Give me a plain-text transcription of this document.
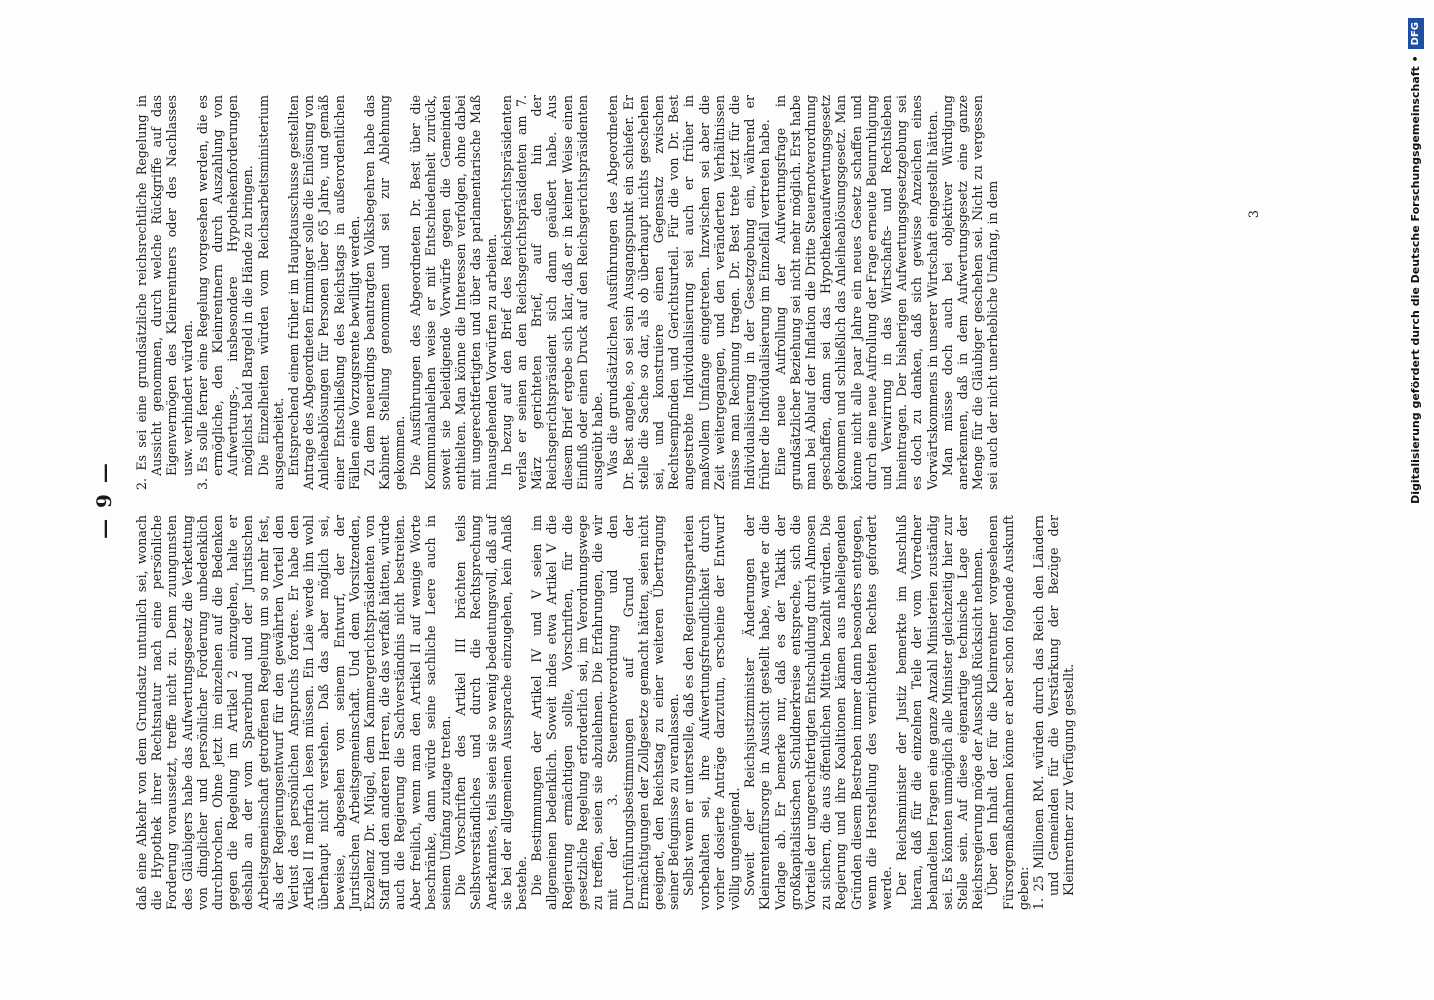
— 9 —

daß eine Abkehr von dem Grundsatz untunlich sei, wonach die Hypothek ihrer Rechtsnatur nach eine persönliche Forderung voraussetzt, treffe nicht zu. Denn zuungunsten des Gläubigers habe das Aufwertungsgesetz die Verkettung von dinglicher und persönlicher Forderung unbedenklich durchbrochen. Ohne jetzt im einzelnen auf die Bedenken gegen die Regelung im Artikel 2 einzugehen, halte er deshalb an der vom Sparerbund und der Juristischen Arbeitsgemeinschaft getroffenen Regelung um so mehr fest, als der Regierungsentwurf für den gewährten Vorteil den Verlust des persönlichen Anspruchs fordere. Er habe den Artikel II mehrfach lesen müssen. Ein Laie werde ihn wohl überhaupt nicht verstehen. Daß das aber möglich sei, beweise, abgesehen von seinem Entwurf, der der Juristischen Arbeitsgemeinschaft. Und dem Vorsitzenden, Exzellenz Dr. Mügel, dem Kammergerichtspräsidenten von Staff und den anderen Herren, die das verfaßt hätten, würde auch die Regierung die Sachverständnis nicht bestreiten. Aber freilich, wenn man den Artikel II auf wenige Worte beschränke, dann würde seine sachliche Leere auch in seinem Umfang zutage treten. Die Vorschriften des Artikel III brächten teils Selbstverständliches und durch die Rechtsprechung Anerkanntes, teils seien sie so wenig bedeutungsvoll, daß auf sie bei der allgemeinen Aussprache einzugehen, kein Anlaß bestehe. Die Bestimmungen der Artikel IV und V seien im allgemeinen bedenklich. Soweit indes etwa Artikel V die Regierung ermächtigen sollte, Vorschriften, für die gesetzliche Regelung erforderlich sei, im Verordnungswege zu treffen, seien sie abzulehnen. Die Erfahrungen, die wir mit der 3. Steuernotverordnung und den Durchführungsbestimmungen auf Grund der Ermächtigungen der Zollgesetze gemacht hätten, seien nicht geeignet, den Reichstag zu einer weiteren Übertragung seiner Befugnisse zu veranlassen. Selbst wenn er unterstelle, daß es den Regierungsparteien vorbehalten sei, ihre Aufwertungsfreundlichkeit durch vorher dosierte Anträge darzutun, erscheine der Entwurf völlig ungenügend. Soweit der Reichsjustizminister Änderungen der Kleinrentenfürsorge in Aussicht gestellt habe, warte er die Vorlage ab. Er bemerke nur, daß es der Taktik der großkapitalistischen Schuldnerkreise entspreche, sich die Vorteile der ungerechtfertigten Entschuldung durch Almosen zu sichern, die aus öffentlichen Mitteln bezahlt würden. Die Regierung und ihre Koalitionen kämen aus naheliegenden Gründen diesem Bestreben immer dann besonders entgegen, wenn die Herstellung des vernichteten Rechtes gefordert werde. Der Reichsminister der Justiz bemerkte im Anschluß hieran, daß für die einzelnen Teile der vom Vorredner behandelten Fragen eine ganze Anzahl Ministerien zuständig sei. Es könnten unmöglich alle Minister gleichzeitig hier zur Stelle sein. Auf diese eigenartige technische Lage der Reichsregierung möge der Ausschuß Rücksicht nehmen. Über den Inhalt der für die Kleinrentner vorgesehenen Fürsorgemaßnahmen könne er aber schon folgende Auskunft geben: 1. 25 Millionen RM. würden durch das Reich den Ländern und Gemeinden für die Verstärkung der Bezüge der Kleinrentner zur Verfügung gestellt.

2. Es sei eine grundsätzliche reichsrechtliche Regelung in Aussicht genommen, durch welche Rückgriffe auf das Eigenvermögen des Kleinrentners oder des Nachlasses usw. verhindert würden. 3. Es solle ferner eine Regelung vorgesehen werden, die es ermögliche, den Kleinrentnern durch Auszahlung von Aufwertungs-, insbesondere Hypothekenforderungen möglichst bald Bargeld in die Hände zu bringen. Die Einzelheiten würden vom Reichsarbeitsministerium ausgearbeitet. Entsprechend einem früher im Hauptausschusse gestellten Antrage des Abgeordneten Emminger solle die Einlösung von Anleiheablösungen für Personen über 65 Jahre, und gemäß einer Entschließung des Reichstags in außerordentlichen Fällen eine Vorzugsrente bewilligt werden. Zu dem neuerdings beantragten Volksbegehren habe das Kabinett Stellung genommen und sei zur Ablehnung gekommen. Die Ausführungen des Abgeordneten Dr. Best über die Kommunalanleihen weise er mit Entschiedenheit zurück, soweit sie beleidigende Vorwürfe gegen die Gemeinden enthielten. Man könne die Interessen verfolgen, ohne dabei mit ungerechtfertigten und über das parlamentarische Maß hinausgehenden Vorwürfen zu arbeiten. In bezug auf den Brief des Reichsgerichtspräsidenten verlas er seinen an den Reichsgerichtspräsidenten am 7. März gerichteten Brief, auf den hin der Reichsgerichtspräsident sich dann geäußert habe. Aus diesem Brief ergebe sich klar, daß er in keiner Weise einen Einfluß oder einen Druck auf den Reichsgerichtspräsidenten ausgeübt habe. Was die grundsätzlichen Ausführungen des Abgeordneten Dr. Best angehe, so sei sein Ausgangspunkt ein schiefer. Er stelle die Sache so dar, als ob überhaupt nichts geschehen sei, und konstruiere einen Gegensatz zwischen Rechtsempfinden und Gerichtsurteil. Für die von Dr. Best angestrebte Individualisierung sei auch er früher in maßvollem Umfange eingetreten. Inzwischen sei aber die Zeit weitergegangen, und den veränderten Verhältnissen müsse man Rechnung tragen. Dr. Best trete jetzt für die Individualisierung in der Gesetzgebung ein, während er früher die Individualisierung im Einzelfall vertreten habe. Eine neue Aufrollung der Aufwertungsfrage in grundsätzlicher Beziehung sei nicht mehr möglich. Erst habe man bei Ablauf der Inflation die Dritte Steuernotverordnung geschaffen, dann sei das Hypothekenaufwertungsgesetz gekommen und schließlich das Anleiheablösungsgesetz. Man könne nicht alle paar Jahre ein neues Gesetz schaffen und durch eine neue Aufrollung der Frage erneute Beunruhigung und Verwirrung in das Wirtschafts- und Rechtsleben hineintragen. Der bisherigen Aufwertungsgesetzgebung sei es doch zu danken, daß sich gewisse Anzeichen eines Vorwärtskommens in unserer Wirtschaft eingestellt hätten. Man müsse doch auch bei objektiver Würdigung anerkennen, daß in dem Aufwertungsgesetz eine ganze Menge für die Gläubiger geschehen sei. Nicht zu vergessen sei auch der nicht unerhebliche Umfang, in dem	3	Digitalisierung gefördert durch die Deutsche Forschungsgemeinschaft •
DFG
